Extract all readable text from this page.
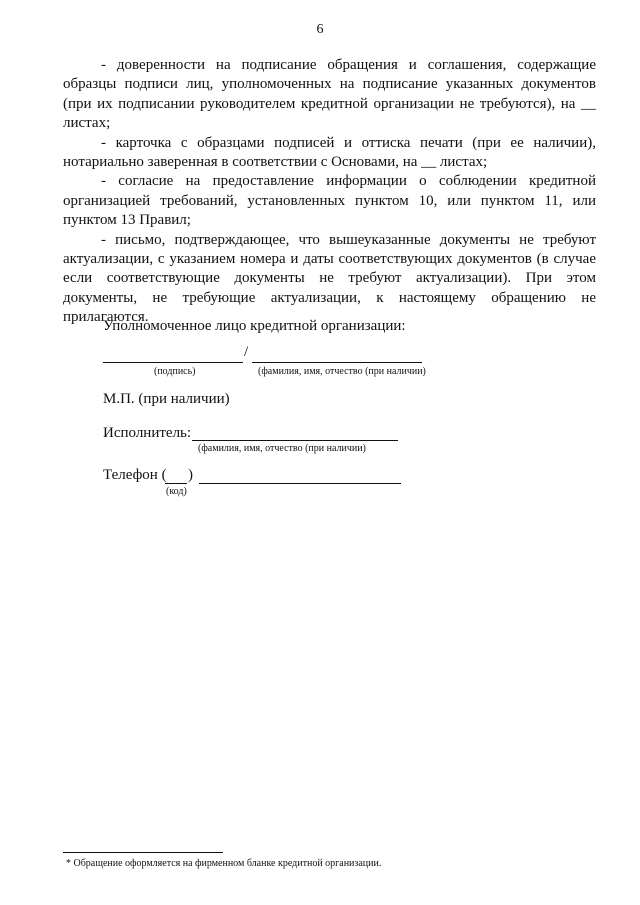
6

- доверенности на подписание обращения и соглашения, содержащие образцы подписи лиц, уполномоченных на подписание указанных документов (при их подписании руководителем кредитной организации не требуются), на __ листах;

- карточка с образцами подписей и оттиска печати (при ее наличии), нотариально заверенная в соответствии с Основами, на __ листах;

- согласие на предоставление информации о соблюдении кредитной организацией требований, установленных пунктом 10, или пунктом 11, или пунктом 13 Правил;

- письмо, подтверждающее, что вышеуказанные документы не требуют актуализации, с указанием номера и даты соответствующих документов (в случае если соответствующие документы не требуют актуализации). При этом документы, не требующие актуализации, к настоящему обращению не прилагаются.

Уполномоченное лицо кредитной организации:
/
(подпись)	(фамилия, имя, отчество (при наличии)
М.П. (при наличии)
Исполнитель:
(фамилия, имя, отчество (при наличии)
Телефон ( )
(код)
* Обращение оформляется на фирменном бланке кредитной организации.
